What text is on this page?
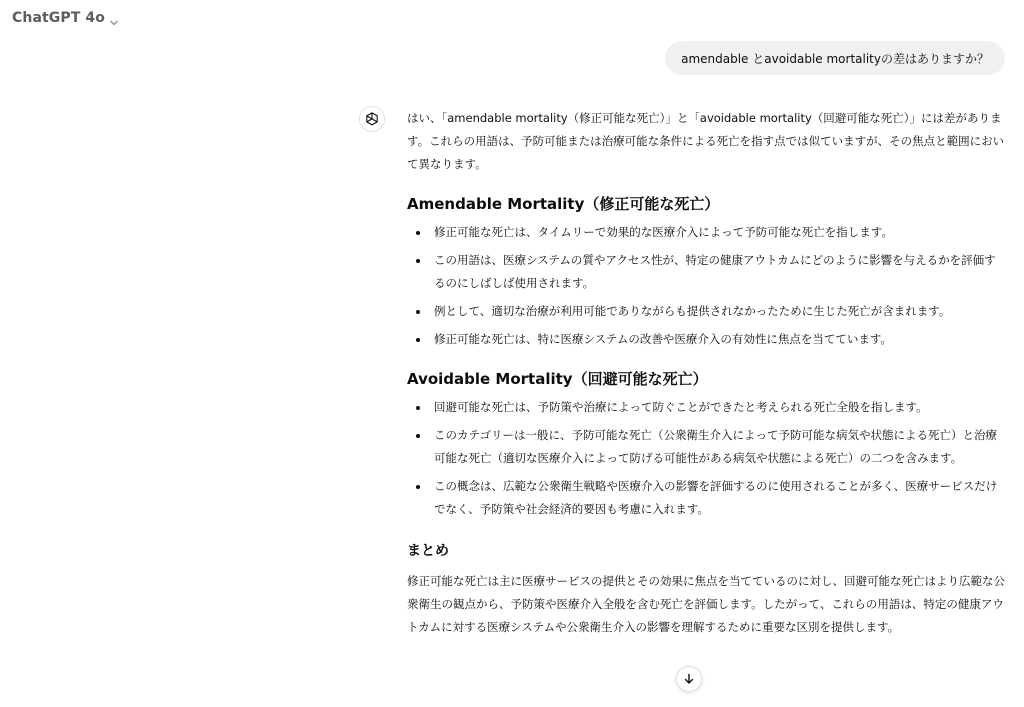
ChatGPT 4o
amendable とavoidable mortalityの差はありますか？

はい、「amendable mortality（修正可能な死亡）」と「avoidable mortality（回避可能な死亡）」には差があります。これらの用語は、予防可能または治療可能な条件による死亡を指す点では似ていますが、その焦点と範囲において異なります。

Amendable Mortality（修正可能な死亡）
修正可能な死亡は、タイムリーで効果的な医療介入によって予防可能な死亡を指します。
この用語は、医療システムの質やアクセス性が、特定の健康アウトカムにどのように影響を与えるかを評価するのにしばしば使用されます。
例として、適切な治療が利用可能でありながらも提供されなかったために生じた死亡が含まれます。
修正可能な死亡は、特に医療システムの改善や医療介入の有効性に焦点を当てています。
Avoidable Mortality（回避可能な死亡）
回避可能な死亡は、予防策や治療によって防ぐことができたと考えられる死亡全般を指します。
このカテゴリーは一般に、予防可能な死亡（公衆衛生介入によって予防可能な病気や状態による死亡）と治療可能な死亡（適切な医療介入によって防げる可能性がある病気や状態による死亡）の二つを含みます。
この概念は、広範な公衆衛生戦略や医療介入の影響を評価するのに使用されることが多く、医療サービスだけでなく、予防策や社会経済的要因も考慮に入れます。
まとめ

修正可能な死亡は主に医療サービスの提供とその効果に焦点を当てているのに対し、回避可能な死亡はより広範な公衆衛生の観点から、予防策や医療介入全般を含む死亡を評価します。したがって、これらの用語は、特定の健康アウトカムに対する医療システムや公衆衛生介入の影響を理解するために重要な区別を提供します。
